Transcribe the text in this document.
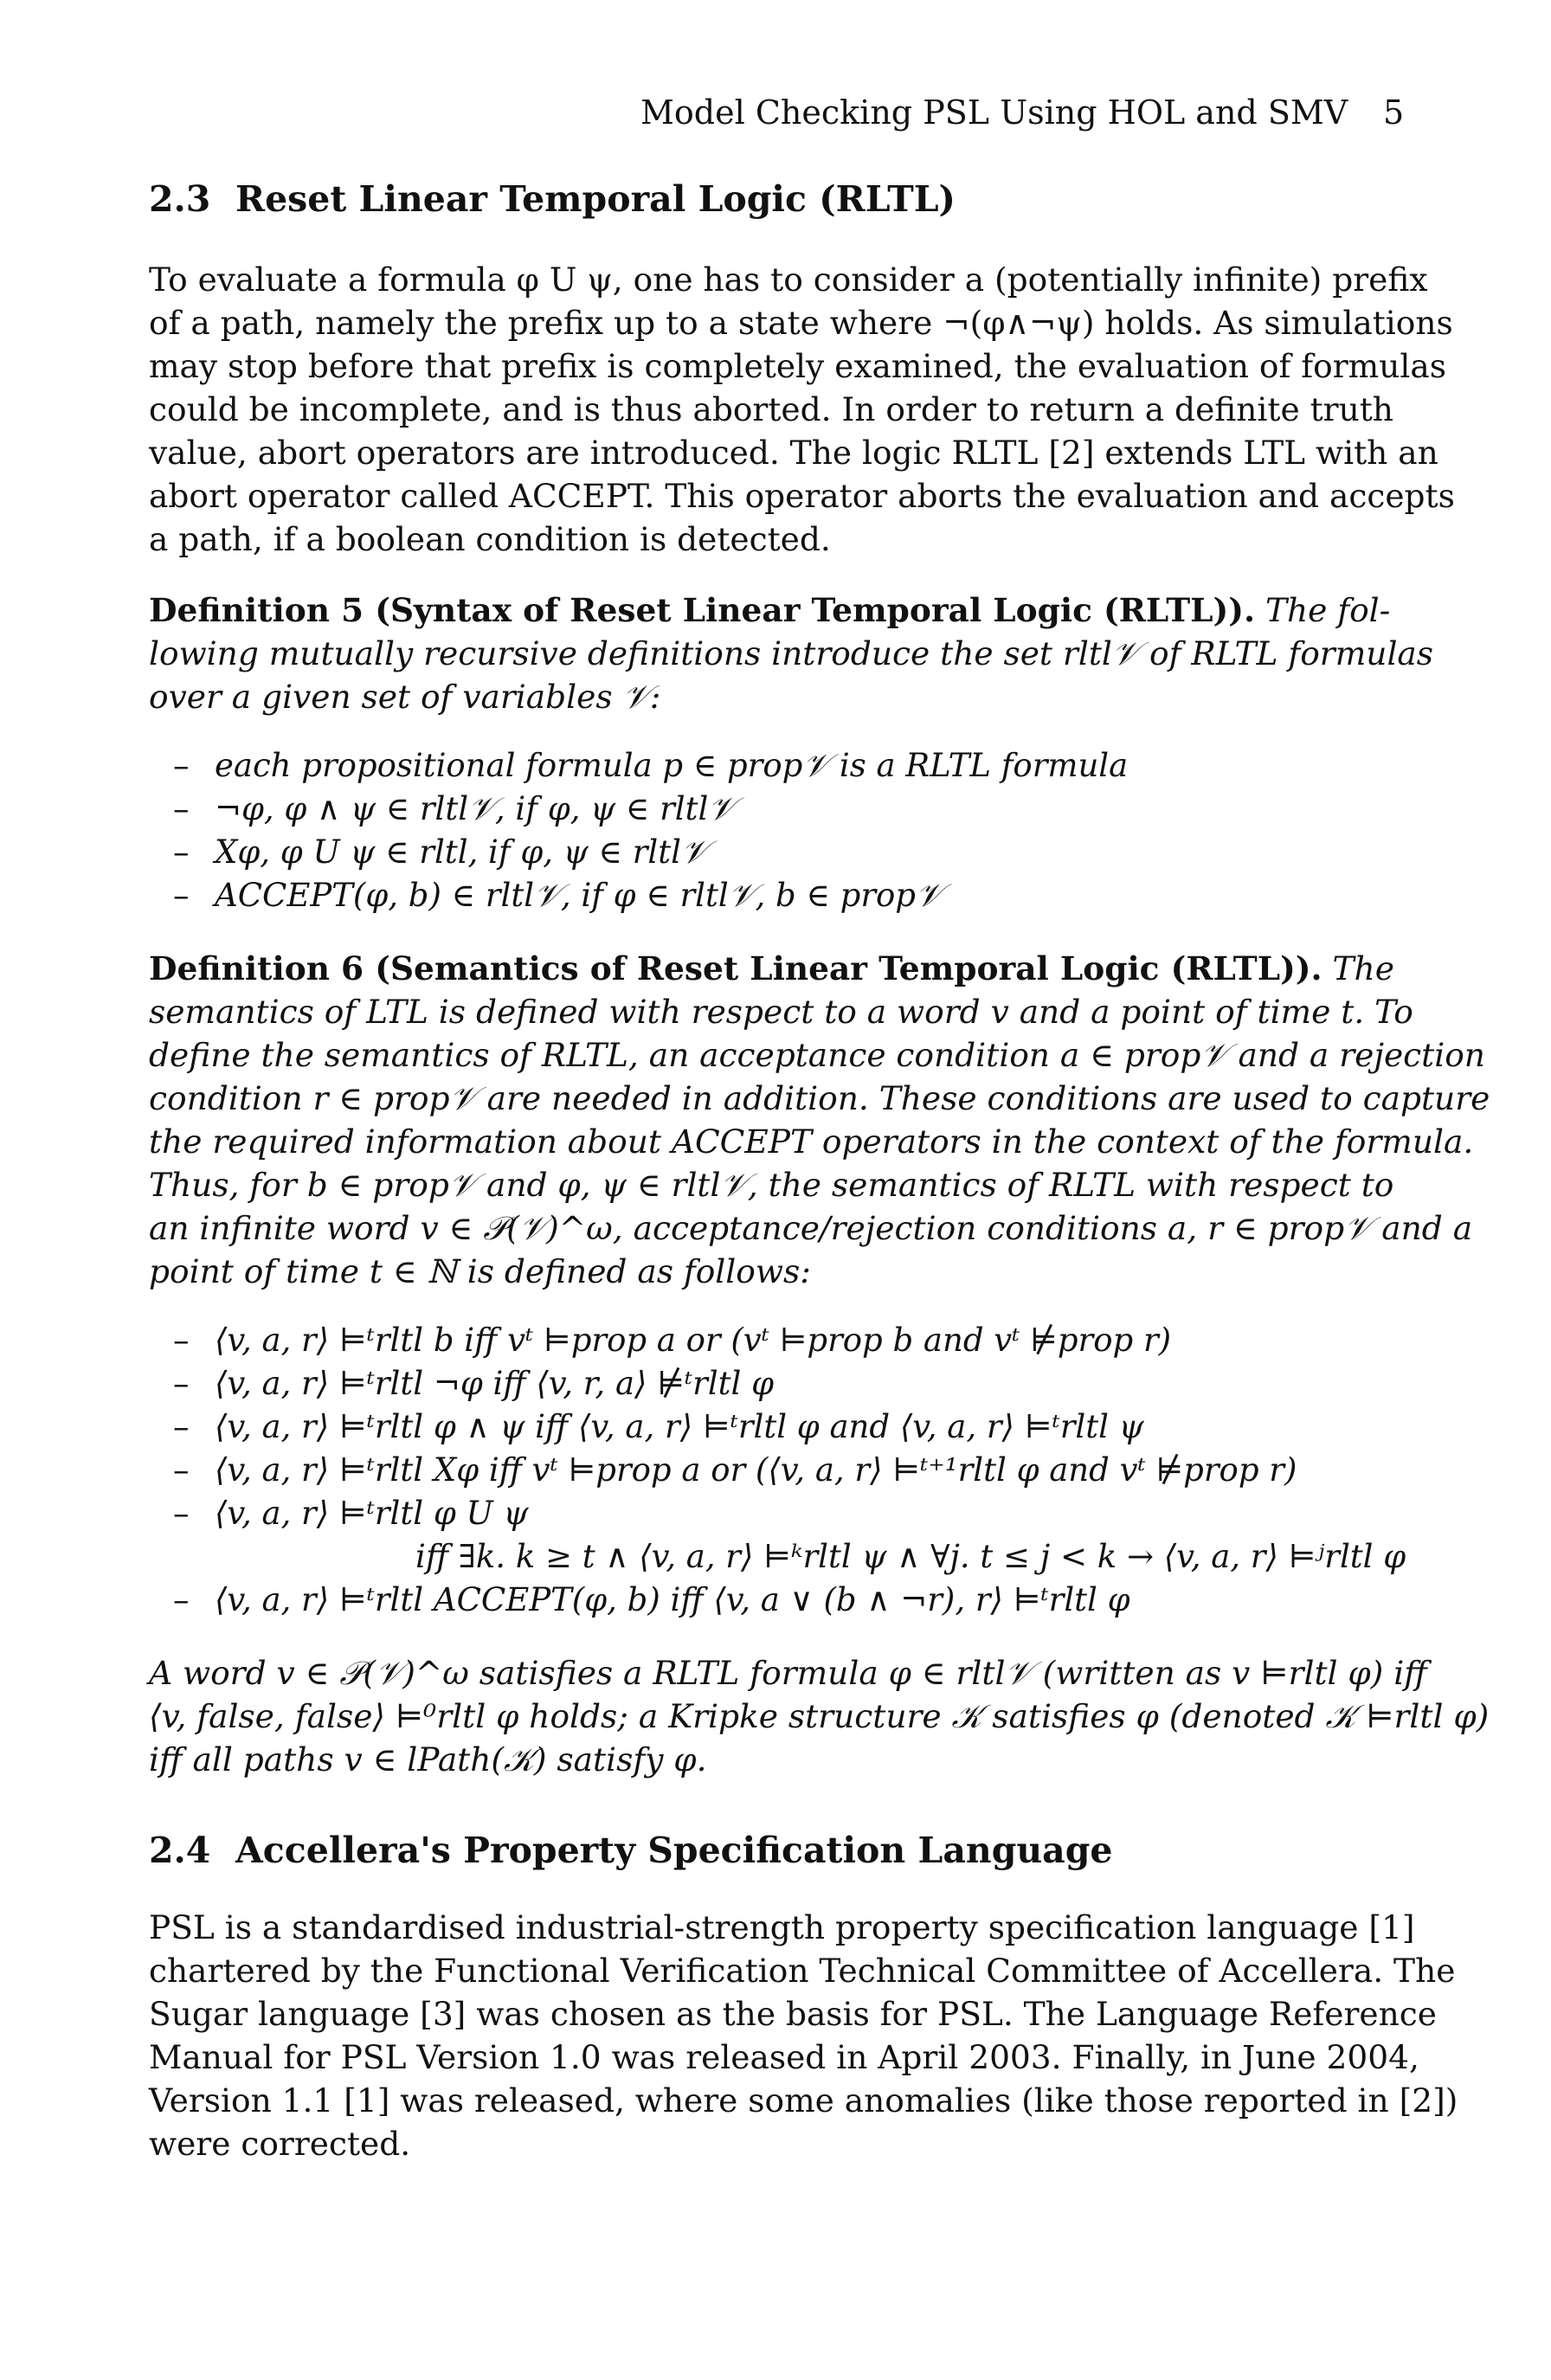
Model Checking PSL Using HOL and SMV 5
2.3 Reset Linear Temporal Logic (RLTL)
To evaluate a formula φ U ψ, one has to consider a (potentially infinite) prefix
of a path, namely the prefix up to a state where ¬(φ∧¬ψ) holds. As simulations
may stop before that prefix is completely examined, the evaluation of formulas
could be incomplete, and is thus aborted. In order to return a definite truth
value, abort operators are introduced. The logic RLTL [2] extends LTL with an
abort operator called ACCEPT. This operator aborts the evaluation and accepts
a path, if a boolean condition is detected.
Definition 5 (Syntax of Reset Linear Temporal Logic (RLTL)). The fol-
lowing mutually recursive definitions introduce the set rltl𝒱 of RLTL formulas
over a given set of variables 𝒱:
– each propositional formula p ∈ prop𝒱 is a RLTL formula
– ¬φ, φ ∧ ψ ∈ rltl𝒱, if φ, ψ ∈ rltl𝒱
– Xφ, φ U ψ ∈ rltl, if φ, ψ ∈ rltl𝒱
– ACCEPT(φ, b) ∈ rltl𝒱, if φ ∈ rltl𝒱, b ∈ prop𝒱
Definition 6 (Semantics of Reset Linear Temporal Logic (RLTL)). The
semantics of LTL is defined with respect to a word v and a point of time t. To
define the semantics of RLTL, an acceptance condition a ∈ prop𝒱 and a rejection
condition r ∈ prop𝒱 are needed in addition. These conditions are used to capture
the required information about ACCEPT operators in the context of the formula.
Thus, for b ∈ prop𝒱 and φ, ψ ∈ rltl𝒱, the semantics of RLTL with respect to
an infinite word v ∈ 𝒫(𝒱)^ω, acceptance/rejection conditions a, r ∈ prop𝒱 and a
point of time t ∈ ℕ is defined as follows:
– ⟨v, a, r⟩ ⊨ᵗrltl b iff vᵗ ⊨prop a or (vᵗ ⊨prop b and vᵗ ⊭prop r)
– ⟨v, a, r⟩ ⊨ᵗrltl ¬φ iff ⟨v, r, a⟩ ⊭ᵗrltl φ
– ⟨v, a, r⟩ ⊨ᵗrltl φ ∧ ψ iff ⟨v, a, r⟩ ⊨ᵗrltl φ and ⟨v, a, r⟩ ⊨ᵗrltl ψ
– ⟨v, a, r⟩ ⊨ᵗrltl Xφ iff vᵗ ⊨prop a or (⟨v, a, r⟩ ⊨ᵗ⁺¹rltl φ and vᵗ ⊭prop r)
– ⟨v, a, r⟩ ⊨ᵗrltl φ U ψ
iff ∃k. k ≥ t ∧ ⟨v, a, r⟩ ⊨ᵏrltl ψ ∧ ∀j. t ≤ j < k → ⟨v, a, r⟩ ⊨ʲrltl φ
– ⟨v, a, r⟩ ⊨ᵗrltl ACCEPT(φ, b) iff ⟨v, a ∨ (b ∧ ¬r), r⟩ ⊨ᵗrltl φ
A word v ∈ 𝒫(𝒱)^ω satisfies a RLTL formula φ ∈ rltl𝒱 (written as v ⊨rltl φ) iff
⟨v, false, false⟩ ⊨⁰rltl φ holds; a Kripke structure 𝒦 satisfies φ (denoted 𝒦 ⊨rltl φ)
iff all paths v ∈ lPath(𝒦) satisfy φ.
2.4 Accellera's Property Specification Language
PSL is a standardised industrial-strength property specification language [1]
chartered by the Functional Verification Technical Committee of Accellera. The
Sugar language [3] was chosen as the basis for PSL. The Language Reference
Manual for PSL Version 1.0 was released in April 2003. Finally, in June 2004,
Version 1.1 [1] was released, where some anomalies (like those reported in [2])
were corrected.
